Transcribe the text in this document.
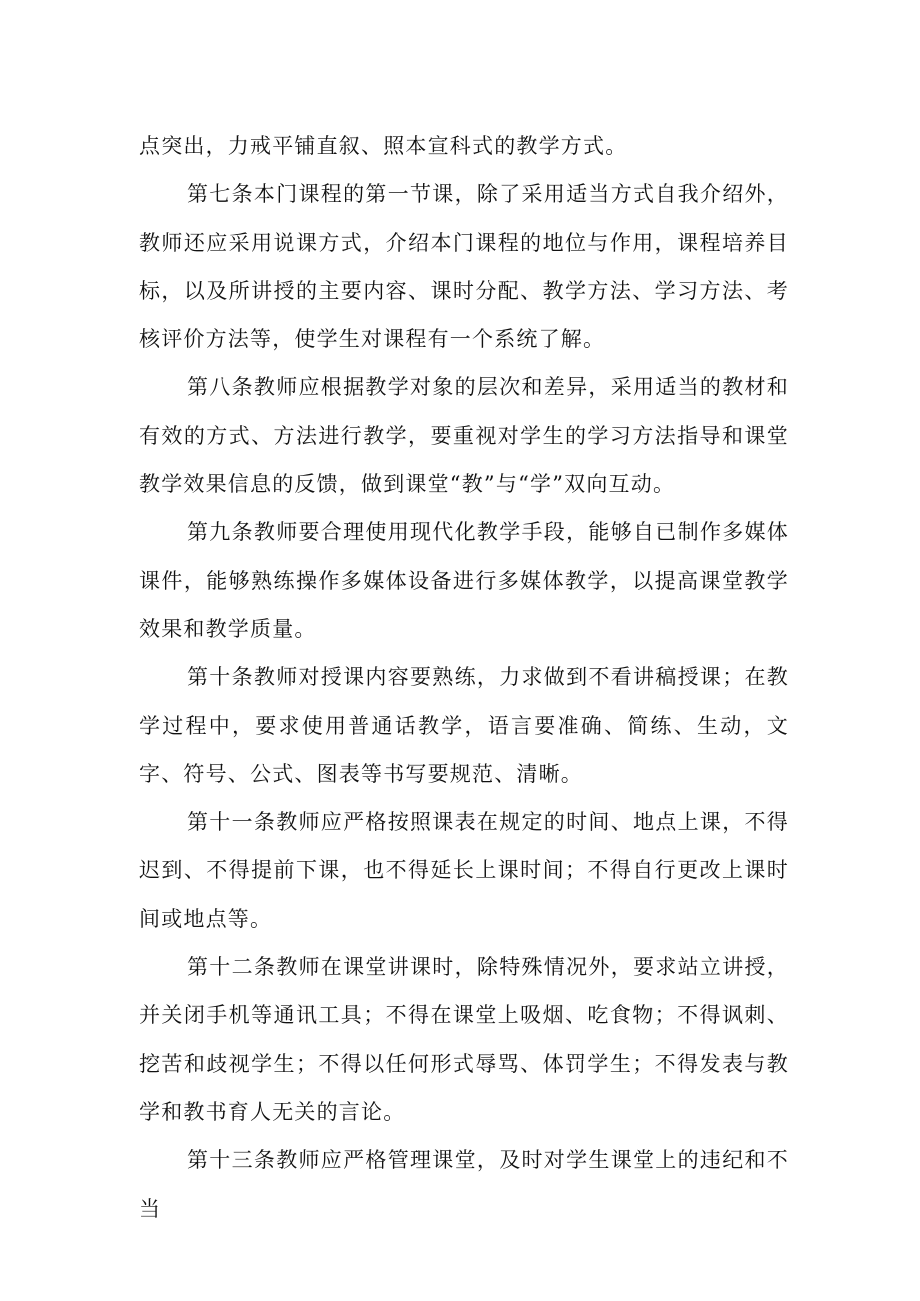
点突出，力戒平铺直叙、照本宣科式的教学方式。

第七条本门课程的第一节课，除了采用适当方式自我介绍外，教师还应采用说课方式，介绍本门课程的地位与作用，课程培养目标，以及所讲授的主要内容、课时分配、教学方法、学习方法、考核评价方法等，使学生对课程有一个系统了解。

第八条教师应根据教学对象的层次和差异，采用适当的教材和有效的方式、方法进行教学，要重视对学生的学习方法指导和课堂教学效果信息的反馈，做到课堂“教”与“学”双向互动。

第九条教师要合理使用现代化教学手段，能够自已制作多媒体课件，能够熟练操作多媒体设备进行多媒体教学，以提高课堂教学效果和教学质量。

第十条教师对授课内容要熟练，力求做到不看讲稿授课；在教学过程中，要求使用普通话教学，语言要准确、简练、生动，文字、符号、公式、图表等书写要规范、清晰。

第十一条教师应严格按照课表在规定的时间、地点上课，不得迟到、不得提前下课，也不得延长上课时间；不得自行更改上课时间或地点等。

第十二条教师在课堂讲课时，除特殊情况外，要求站立讲授，并关闭手机等通讯工具；不得在课堂上吸烟、吃食物；不得讽刺、挖苦和歧视学生；不得以任何形式辱骂、体罚学生；不得发表与教学和教书育人无关的言论。

第十三条教师应严格管理课堂，及时对学生课堂上的违纪和不当
